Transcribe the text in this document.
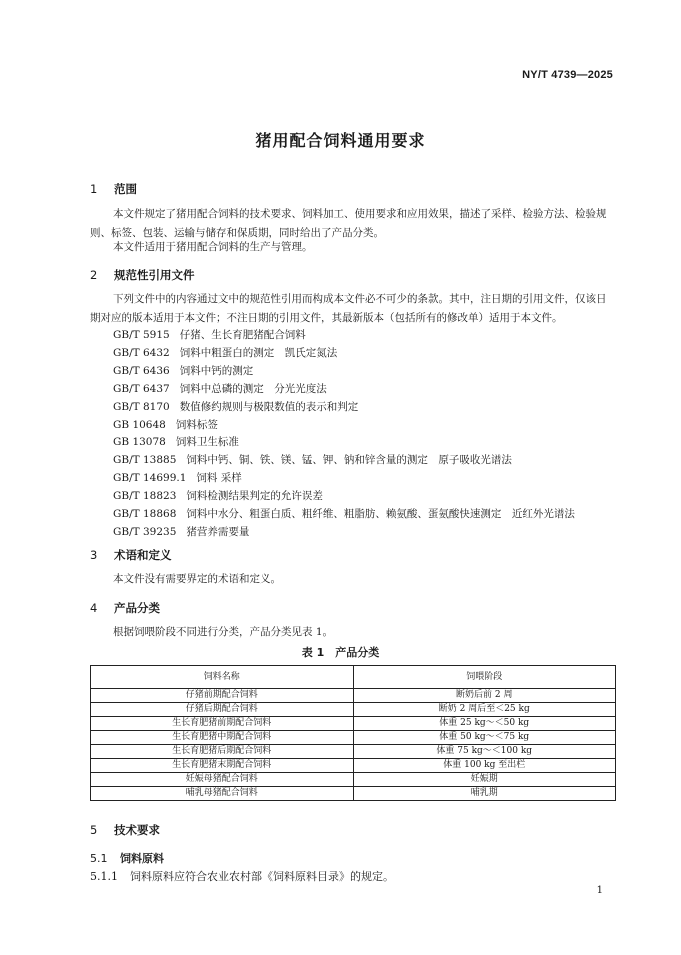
NY/T 4739—2025
猪用配合饲料通用要求
1 范围
本文件规定了猪用配合饲料的技术要求、饲料加工、使用要求和应用效果，描述了采样、检验方法、检验规则、标签、包装、运输与储存和保质期，同时给出了产品分类。
本文件适用于猪用配合饲料的生产与管理。
2 规范性引用文件
下列文件中的内容通过文中的规范性引用而构成本文件必不可少的条款。其中，注日期的引用文件，仅该日期对应的版本适用于本文件；不注日期的引用文件，其最新版本（包括所有的修改单）适用于本文件。
GB/T 5915 仔猪、生长育肥猪配合饲料
GB/T 6432 饲料中粗蛋白的测定　凯氏定氮法
GB/T 6436 饲料中钙的测定
GB/T 6437 饲料中总磷的测定　分光光度法
GB/T 8170 数值修约规则与极限数值的表示和判定
GB 10648 饲料标签
GB 13078 饲料卫生标准
GB/T 13885 饲料中钙、铜、铁、镁、锰、钾、钠和锌含量的测定　原子吸收光谱法
GB/T 14699.1 饲料 采样
GB/T 18823 饲料检测结果判定的允许误差
GB/T 18868 饲料中水分、粗蛋白质、粗纤维、粗脂肪、赖氨酸、蛋氨酸快速测定　近红外光谱法
GB/T 39235 猪营养需要量
3 术语和定义
本文件没有需要界定的术语和定义。
4 产品分类
根据饲喂阶段不同进行分类，产品分类见表 1。
表 1　产品分类
饲料名称	饲喂阶段
仔猪前期配合饲料	断奶后前 2 周
仔猪后期配合饲料	断奶 2 周后至＜25 kg
生长育肥猪前期配合饲料	体重 25 kg～＜50 kg
生长育肥猪中期配合饲料	体重 50 kg～＜75 kg
生长育肥猪后期配合饲料	体重 75 kg～＜100 kg
生长育肥猪末期配合饲料	体重 100 kg 至出栏
妊娠母猪配合饲料	妊娠期
哺乳母猪配合饲料	哺乳期
5 技术要求
5.1 饲料原料
5.1.1 饲料原料应符合农业农村部《饲料原料目录》的规定。
1
